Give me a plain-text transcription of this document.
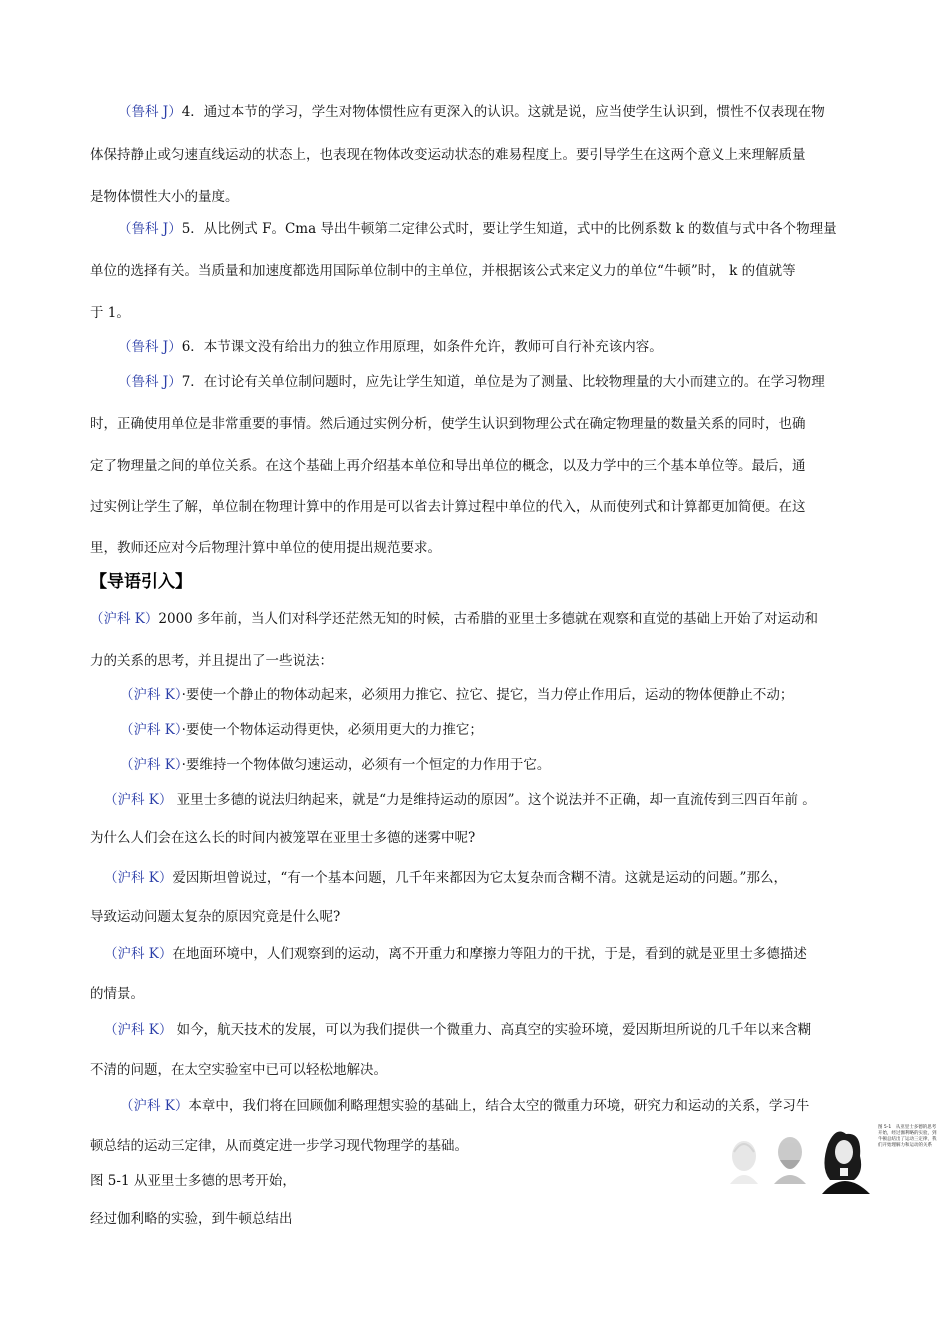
（鲁科 J）4．通过本节的学习，学生对物体惯性应有更深入的认识。这就是说，应当使学生认识到，惯性不仅表现在物
体保持静止或匀速直线运动的状态上，也表现在物体改变运动状态的难易程度上。要引导学生在这两个意义上来理解质量
是物体惯性大小的量度。
（鲁科 J）5．从比例式 F。Cma 导出牛顿第二定律公式时，要让学生知道，式中的比例系数 k 的数值与式中各个物理量
单位的选择有关。当质量和加速度都选用国际单位制中的主单位，并根据该公式来定义力的单位“牛顿”时， k 的值就等
于 1。
（鲁科 J）6．本节课文没有给出力的独立作用原理，如条件允许，教师可自行补充该内容。
（鲁科 J）7．在讨论有关单位制问题时，应先让学生知道，单位是为了测量、比较物理量的大小而建立的。在学习物理
时，正确使用单位是非常重要的事情。然后通过实例分析，使学生认识到物理公式在确定物理量的数量关系的同时，也确
定了物理量之间的单位关系。在这个基础上再介绍基本单位和导出单位的概念，以及力学中的三个基本单位等。最后，通
过实例让学生了解，单位制在物理计算中的作用是可以省去计算过程中单位的代入，从而使列式和计算都更加简便。在这
里，教师还应对今后物理汁算中单位的使用提出规范要求。
【导语引入】
（沪科 K）2000 多年前，当人们对科学还茫然无知的时候，古希腊的亚里士多德就在观察和直觉的基础上开始了对运动和
力的关系的思考，并且提出了一些说法：
（沪科 K）·要使一个静止的物体动起来，必须用力推它、拉它、提它，当力停止作用后，运动的物体便静止不动；
（沪科 K）·要使一个物体运动得更快，必须用更大的力推它；
（沪科 K）·要维持一个物体做匀速运动，必须有一个恒定的力作用于它。
（沪科 K） 亚里士多德的说法归纳起来，就是“力是维持运动的原因”。这个说法并不正确，却一直流传到三四百年前 。
为什么人们会在这么长的时间内被笼罩在亚里士多德的迷雾中呢?
（沪科 K）爱因斯坦曾说过，“有一个基本问题，几千年来都因为它太复杂而含糊不清。这就是运动的问题。”那么，
导致运动问题太复杂的原因究竟是什么呢?
（沪科 K）在地面环境中，人们观察到的运动，离不开重力和摩擦力等阻力的干扰，于是，看到的就是亚里士多德描述
的情景。
（沪科 K） 如今，航天技术的发展，可以为我们提供一个微重力、高真空的实验环境，爱因斯坦所说的几千年以来含糊
不清的问题，在太空实验室中已可以轻松地解决。
（沪科 K）本章中，我们将在回顾伽利略理想实验的基础上，结合太空的微重力环境，研究力和运动的关系，学习牛
顿总结的运动三定律，从而奠定进一步学习现代物理学的基础。
图 5-1 从亚里士多德的思考开始，
经过伽利略的实验，到牛顿总结出
图 5-1　从亚里士多德的思考开始，经过伽利略的实验，到牛顿总结出了运动三定律，我们开始理解力和运动的关系
